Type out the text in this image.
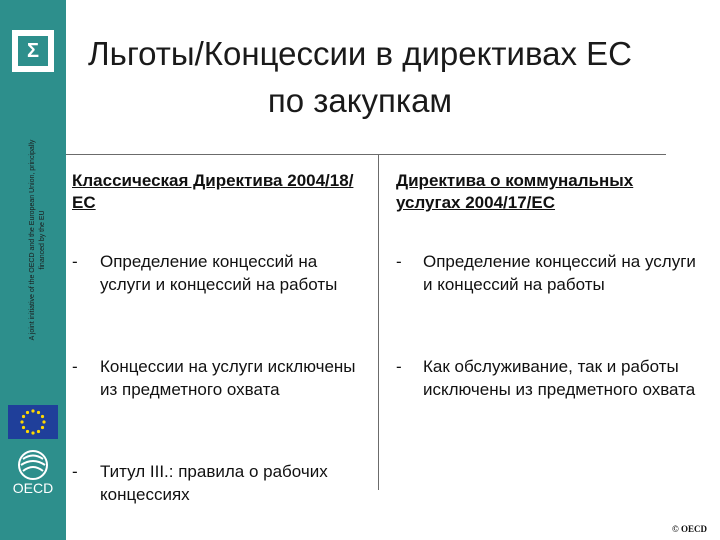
Σ
A joint initiative of the OECD and the European Union, principally financed by the EU
OECD
Льготы/Концессии в директивах ЕС по закупкам
Классическая Директива 2004/18/ЕС
- Определение концессий на услуги и концессий на работы
- Концессии на услуги исключены из предметного охвата
- Титул III.: правила о рабочих концессиях
Директива о коммунальных услугах 2004/17/ЕС
- Определение концессий на услуги и концессий на работы
- Как обслуживание, так и работы исключены из предметного охвата
© OECD
